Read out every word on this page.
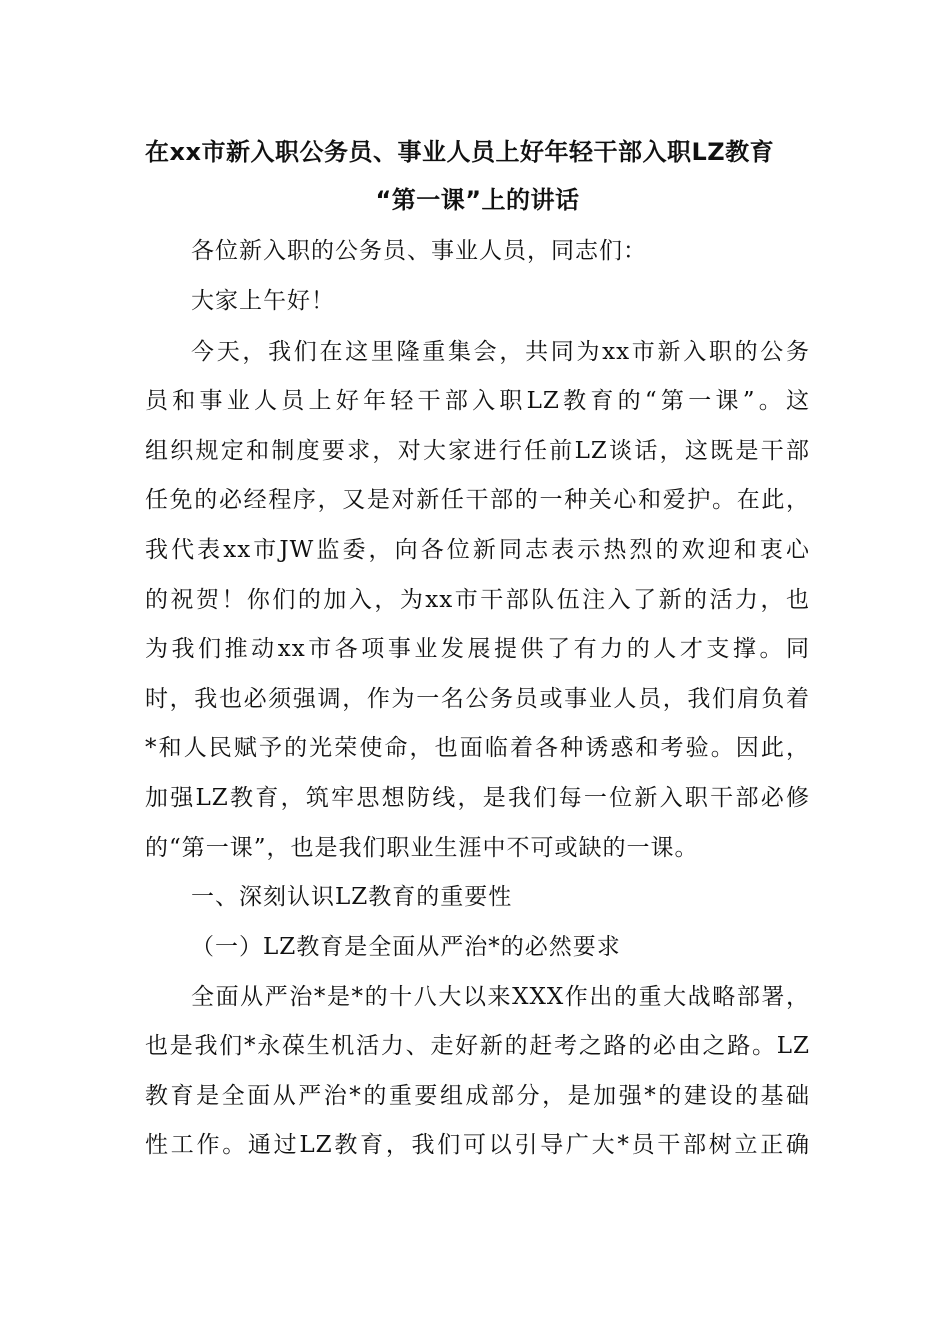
在xx市新入职公务员、事业人员上好年轻干部入职LZ教育
“第一课”上的讲话
各位新入职的公务员、事业人员，同志们：
大家上午好！
今天，我们在这里隆重集会，共同为xx市新入职的公务
员和事业人员上好年轻干部入职LZ教育的“第一课”。这
组织规定和制度要求，对大家进行任前LZ谈话，这既是干部
任免的必经程序，又是对新任干部的一种关心和爱护。在此，
我代表xx市JW监委，向各位新同志表示热烈的欢迎和衷心
的祝贺！你们的加入，为xx市干部队伍注入了新的活力，也
为我们推动xx市各项事业发展提供了有力的人才支撑。同
时，我也必须强调，作为一名公务员或事业人员，我们肩负着
*和人民赋予的光荣使命，也面临着各种诱惑和考验。因此，
加强LZ教育，筑牢思想防线，是我们每一位新入职干部必修
的“第一课”，也是我们职业生涯中不可或缺的一课。
一、深刻认识LZ教育的重要性
（一）LZ教育是全面从严治*的必然要求
全面从严治*是*的十八大以来XXX作出的重大战略部署，
也是我们*永葆生机活力、走好新的赶考之路的必由之路。LZ
教育是全面从严治*的重要组成部分，是加强*的建设的基础
性工作。通过LZ教育，我们可以引导广大*员干部树立正确
